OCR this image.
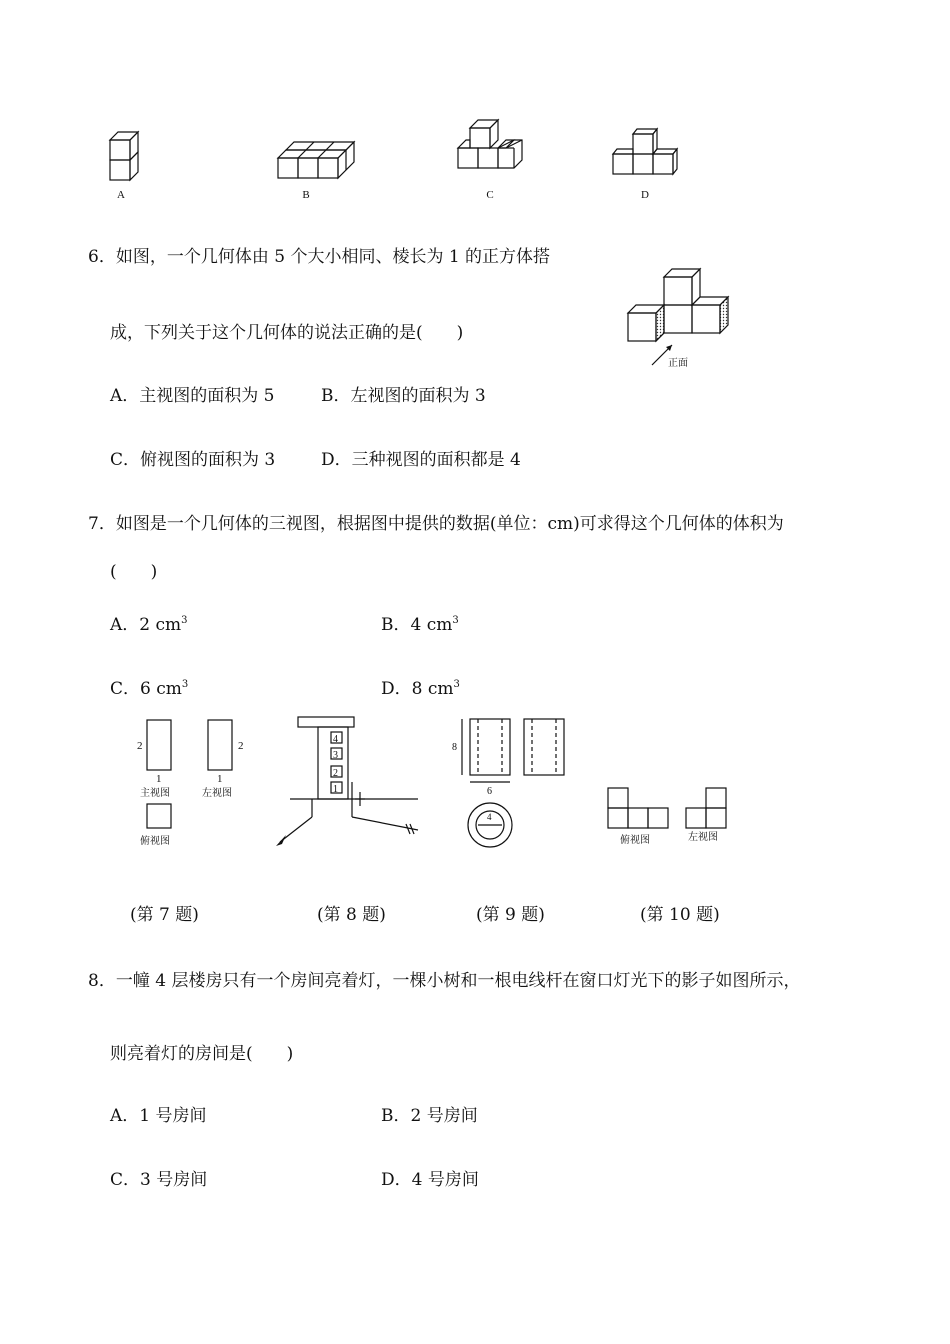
A	B	C	D
6．如图，一个几何体由 5 个大小相同、棱长为 1 的正方体搭
成，下列关于这个几何体的说法正确的是(　　)
正面
A．主视图的面积为 5	B．左视图的面积为 3
C．俯视图的面积为 3	D．三种视图的面积都是 4
7．如图是一个几何体的三视图，根据图中提供的数据(单位：cm)可求得这个几何体的体积为
(　　)
A．2 $cm^3$	B．4 $cm^3$
C．6 $cm^3$	D．8 $cm^3$
2
1
主视图
2
1
左视图
俯视图
4
3
2
1
8
6
4
俯视图	左视图
(第 7 题)	(第 8 题)	(第 9 题)	(第 10 题)
8．一幢 4 层楼房只有一个房间亮着灯，一棵小树和一根电线杆在窗口灯光下的影子如图所示，
则亮着灯的房间是(　　)
A．1 号房间	B．2 号房间
C．3 号房间	D．4 号房间
